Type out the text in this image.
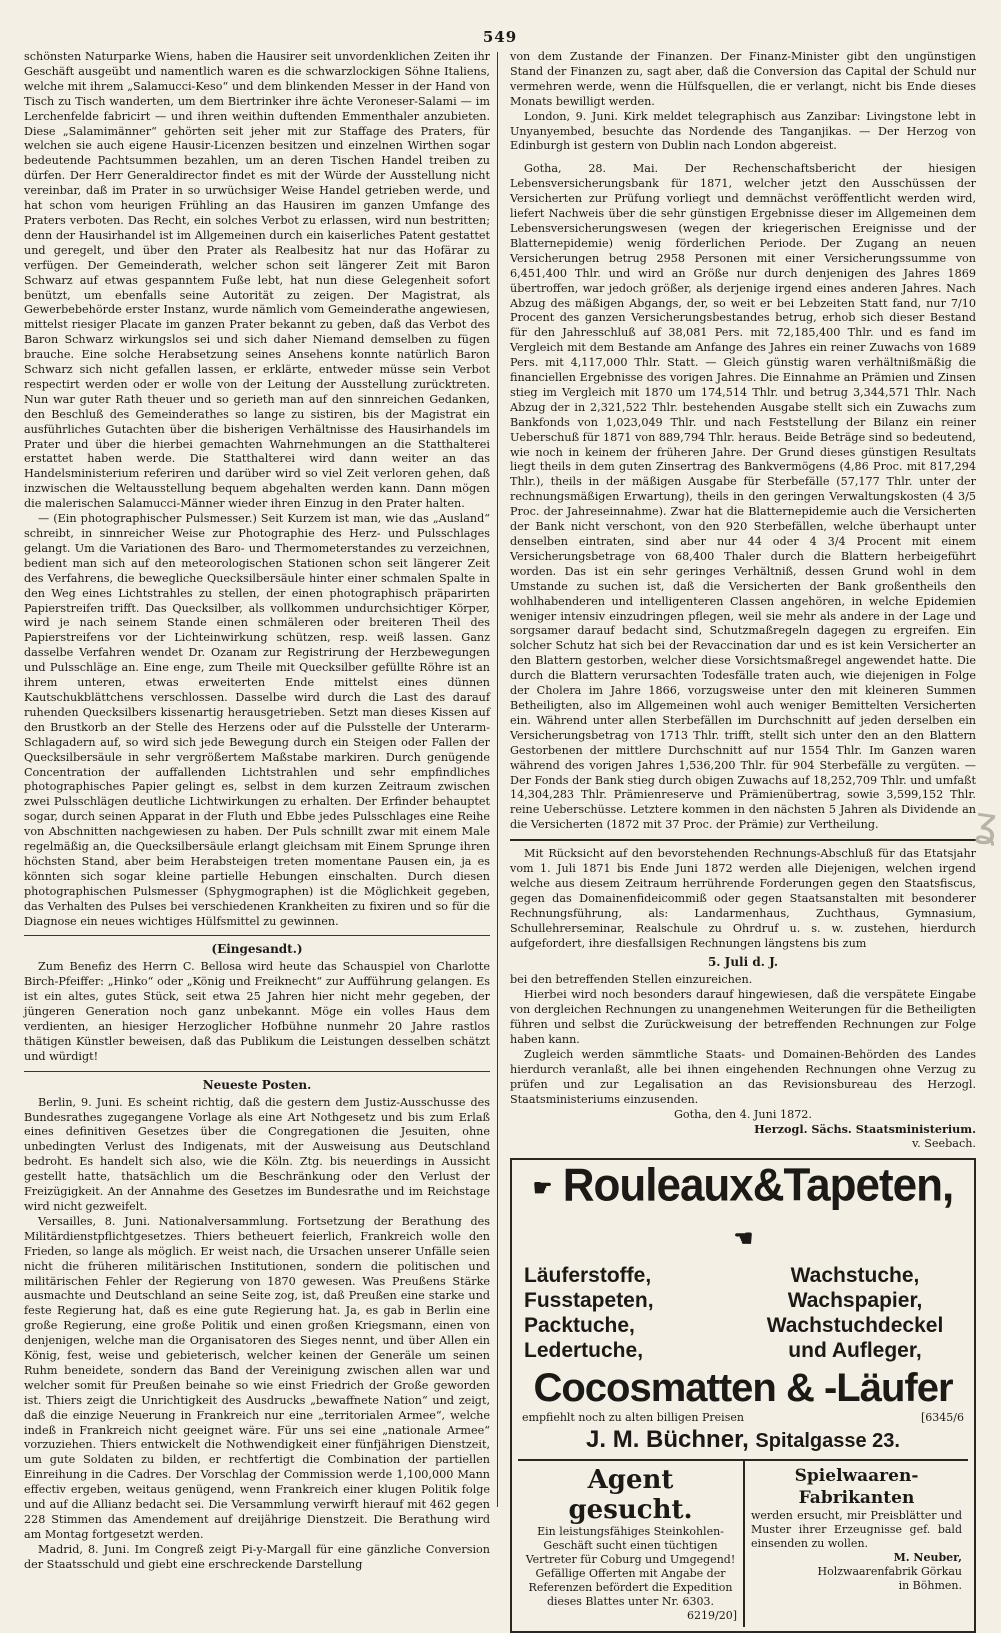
549

schönsten Naturparke Wiens, haben die Hausirer seit unvordenklichen Zeiten ihr Geschäft ausgeübt und namentlich waren es die schwarzlockigen Söhne Italiens, welche mit ihrem „Salamucci-Keso“ und dem blinkenden Messer in der Hand von Tisch zu Tisch wanderten, um dem Biertrinker ihre ächte Veroneser-Salami — im Lerchenfelde fabricirt — und ihren weithin duftenden Emmenthaler anzubieten. Diese „Salamimänner“ gehörten seit jeher mit zur Staffage des Praters, für welchen sie auch eigene Hausir-Licenzen besitzen und einzelnen Wirthen sogar bedeutende Pachtsummen bezahlen, um an deren Tischen Handel treiben zu dürfen. Der Herr Generaldirector findet es mit der Würde der Ausstellung nicht vereinbar, daß im Prater in so urwüchsiger Weise Handel getrieben werde, und hat schon vom heurigen Frühling an das Hausiren im ganzen Umfange des Praters verboten. Das Recht, ein solches Verbot zu erlassen, wird nun bestritten; denn der Hausirhandel ist im Allgemeinen durch ein kaiserliches Patent gestattet und geregelt, und über den Prater als Realbesitz hat nur das Hofärar zu verfügen. Der Gemeinderath, welcher schon seit längerer Zeit mit Baron Schwarz auf etwas gespanntem Fuße lebt, hat nun diese Gelegenheit sofort benützt, um ebenfalls seine Autorität zu zeigen. Der Magistrat, als Gewerbebehörde erster Instanz, wurde nämlich vom Gemeinderathe angewiesen, mittelst riesiger Placate im ganzen Prater bekannt zu geben, daß das Verbot des Baron Schwarz wirkungslos sei und sich daher Niemand demselben zu fügen brauche. Eine solche Herabsetzung seines Ansehens konnte natürlich Baron Schwarz sich nicht gefallen lassen, er erklärte, entweder müsse sein Verbot respectirt werden oder er wolle von der Leitung der Ausstellung zurücktreten. Nun war guter Rath theuer und so gerieth man auf den sinnreichen Gedanken, den Beschluß des Gemeinderathes so lange zu sistiren, bis der Magistrat ein ausführliches Gutachten über die bisherigen Verhältnisse des Hausirhandels im Prater und über die hierbei gemachten Wahrnehmungen an die Statthalterei erstattet haben werde. Die Statthalterei wird dann weiter an das Handelsministerium referiren und darüber wird so viel Zeit verloren gehen, daß inzwischen die Weltausstellung bequem abgehalten werden kann. Dann mögen die malerischen Salamucci-Männer wieder ihren Einzug in den Prater halten.

— (Ein photographischer Pulsmesser.) Seit Kurzem ist man, wie das „Ausland“ schreibt, in sinnreicher Weise zur Photographie des Herz- und Pulsschlages gelangt. Um die Variationen des Baro- und Thermometerstandes zu verzeichnen, bedient man sich auf den meteorologischen Stationen schon seit längerer Zeit des Verfahrens, die bewegliche Quecksilbersäule hinter einer schmalen Spalte in den Weg eines Lichtstrahles zu stellen, der einen photographisch präparirten Papierstreifen trifft. Das Quecksilber, als vollkommen undurchsichtiger Körper, wird je nach seinem Stande einen schmäleren oder breiteren Theil des Papierstreifens vor der Lichteinwirkung schützen, resp. weiß lassen. Ganz dasselbe Verfahren wendet Dr. Ozanam zur Registrirung der Herzbewegungen und Pulsschläge an. Eine enge, zum Theile mit Quecksilber gefüllte Röhre ist an ihrem unteren, etwas erweiterten Ende mittelst eines dünnen Kautschukblättchens verschlossen. Dasselbe wird durch die Last des darauf ruhenden Quecksilbers kissenartig herausgetrieben. Setzt man dieses Kissen auf den Brustkorb an der Stelle des Herzens oder auf die Pulsstelle der Unterarm-Schlagadern auf, so wird sich jede Bewegung durch ein Steigen oder Fallen der Quecksilbersäule in sehr vergrößertem Maßstabe markiren. Durch genügende Concentration der auffallenden Lichtstrahlen und sehr empfindliches photographisches Papier gelingt es, selbst in dem kurzen Zeitraum zwischen zwei Pulsschlägen deutliche Lichtwirkungen zu erhalten. Der Erfinder behauptet sogar, durch seinen Apparat in der Fluth und Ebbe jedes Pulsschlages eine Reihe von Abschnitten nachgewiesen zu haben. Der Puls schnillt zwar mit einem Male regelmäßig an, die Quecksilbersäule erlangt gleichsam mit Einem Sprunge ihren höchsten Stand, aber beim Herabsteigen treten momentane Pausen ein, ja es könnten sich sogar kleine partielle Hebungen einschalten. Durch diesen photographischen Pulsmesser (Sphygmographen) ist die Möglichkeit gegeben, das Verhalten des Pulses bei verschiedenen Krankheiten zu fixiren und so für die Diagnose ein neues wichtiges Hülfsmittel zu gewinnen.

(Eingesandt.)

Zum Benefiz des Herrn C. Bellosa wird heute das Schauspiel von Charlotte Birch-Pfeiffer: „Hinko“ oder „König und Freiknecht“ zur Aufführung gelangen. Es ist ein altes, gutes Stück, seit etwa 25 Jahren hier nicht mehr gegeben, der jüngeren Generation noch ganz unbekannt. Möge ein volles Haus dem verdienten, an hiesiger Herzoglicher Hofbühne nunmehr 20 Jahre rastlos thätigen Künstler beweisen, daß das Publikum die Leistungen desselben schätzt und würdigt!

Neueste Posten.

Berlin, 9. Juni. Es scheint richtig, daß die gestern dem Justiz-Ausschusse des Bundesrathes zugegangene Vorlage als eine Art Nothgesetz und bis zum Erlaß eines definitiven Gesetzes über die Congregationen die Jesuiten, ohne unbedingten Verlust des Indigenats, mit der Ausweisung aus Deutschland bedroht. Es handelt sich also, wie die Köln. Ztg. bis neuerdings in Aussicht gestellt hatte, thatsächlich um die Beschränkung oder den Verlust der Freizügigkeit. An der Annahme des Gesetzes im Bundesrathe und im Reichstage wird nicht gezweifelt.

Versailles, 8. Juni. Nationalversammlung. Fortsetzung der Berathung des Militärdienstpflichtgesetzes. Thiers betheuert feierlich, Frankreich wolle den Frieden, so lange als möglich. Er weist nach, die Ursachen unserer Unfälle seien nicht die früheren militärischen Institutionen, sondern die politischen und militärischen Fehler der Regierung von 1870 gewesen. Was Preußens Stärke ausmachte und Deutschland an seine Seite zog, ist, daß Preußen eine starke und feste Regierung hat, daß es eine gute Regierung hat. Ja, es gab in Berlin eine große Regierung, eine große Politik und einen großen Kriegsmann, einen von denjenigen, welche man die Organisatoren des Sieges nennt, und über Allen ein König, fest, weise und gebieterisch, welcher keinen der Generäle um seinen Ruhm beneidete, sondern das Band der Vereinigung zwischen allen war und welcher somit für Preußen beinahe so wie einst Friedrich der Große geworden ist. Thiers zeigt die Unrichtigkeit des Ausdrucks „bewaffnete Nation“ und zeigt, daß die einzige Neuerung in Frankreich nur eine „territorialen Armee“, welche indeß in Frankreich nicht geeignet wäre. Für uns sei eine „nationale Armee“ vorzuziehen. Thiers entwickelt die Nothwendigkeit einer fünfjährigen Dienstzeit, um gute Soldaten zu bilden, er rechtfertigt die Combination der partiellen Einreihung in die Cadres. Der Vorschlag der Commission werde 1,100,000 Mann effectiv ergeben, weitaus genügend, wenn Frankreich einer klugen Politik folge und auf die Allianz bedacht sei. Die Versammlung verwirft hierauf mit 462 gegen 228 Stimmen das Amendement auf dreijährige Dienstzeit. Die Berathung wird am Montag fortgesetzt werden.

Madrid, 8. Juni. Im Congreß zeigt Pi-y-Margall für eine gänzliche Conversion der Staatsschuld und giebt eine erschreckende Darstellung

von dem Zustande der Finanzen. Der Finanz-Minister gibt den ungünstigen Stand der Finanzen zu, sagt aber, daß die Conversion das Capital der Schuld nur vermehren werde, wenn die Hülfsquellen, die er verlangt, nicht bis Ende dieses Monats bewilligt werden.

London, 9. Juni. Kirk meldet telegraphisch aus Zanzibar: Livingstone lebt in Unyanyembed, besuchte das Nordende des Tanganjikas. — Der Herzog von Edinburgh ist gestern von Dublin nach London abgereist.

Gotha, 28. Mai. Der Rechenschaftsbericht der hiesigen Lebensversicherungsbank für 1871, welcher jetzt den Ausschüssen der Versicherten zur Prüfung vorliegt und demnächst veröffentlicht werden wird, liefert Nachweis über die sehr günstigen Ergebnisse dieser im Allgemeinen dem Lebensversicherungswesen (wegen der kriegerischen Ereignisse und der Blatternepidemie) wenig förderlichen Periode. Der Zugang an neuen Versicherungen betrug 2958 Personen mit einer Versicherungssumme von 6,451,400 Thlr. und wird an Größe nur durch denjenigen des Jahres 1869 übertroffen, war jedoch größer, als derjenige irgend eines anderen Jahres. Nach Abzug des mäßigen Abgangs, der, so weit er bei Lebzeiten Statt fand, nur 7/10 Procent des ganzen Versicherungsbestandes betrug, erhob sich dieser Bestand für den Jahresschluß auf 38,081 Pers. mit 72,185,400 Thlr. und es fand im Vergleich mit dem Bestande am Anfange des Jahres ein reiner Zuwachs von 1689 Pers. mit 4,117,000 Thlr. Statt. — Gleich günstig waren verhältnißmäßig die financiellen Ergebnisse des vorigen Jahres. Die Einnahme an Prämien und Zinsen stieg im Vergleich mit 1870 um 174,514 Thlr. und betrug 3,344,571 Thlr. Nach Abzug der in 2,321,522 Thlr. bestehenden Ausgabe stellt sich ein Zuwachs zum Bankfonds von 1,023,049 Thlr. und nach Feststellung der Bilanz ein reiner Ueberschuß für 1871 von 889,794 Thlr. heraus. Beide Beträge sind so bedeutend, wie noch in keinem der früheren Jahre. Der Grund dieses günstigen Resultats liegt theils in dem guten Zinsertrag des Bankvermögens (4,86 Proc. mit 817,294 Thlr.), theils in der mäßigen Ausgabe für Sterbefälle (57,177 Thlr. unter der rechnungsmäßigen Erwartung), theils in den geringen Verwaltungskosten (4 3/5 Proc. der Jahreseinnahme). Zwar hat die Blatternepidemie auch die Versicherten der Bank nicht verschont, von den 920 Sterbefällen, welche überhaupt unter denselben eintraten, sind aber nur 44 oder 4 3/4 Procent mit einem Versicherungsbetrage von 68,400 Thaler durch die Blattern herbeigeführt worden. Das ist ein sehr geringes Verhältniß, dessen Grund wohl in dem Umstande zu suchen ist, daß die Versicherten der Bank großentheils den wohlhabenderen und intelligenteren Classen angehören, in welche Epidemien weniger intensiv einzudringen pflegen, weil sie mehr als andere in der Lage und sorgsamer darauf bedacht sind, Schutzmaßregeln dagegen zu ergreifen. Ein solcher Schutz hat sich bei der Revaccination dar und es ist kein Versicherter an den Blattern gestorben, welcher diese Vorsichtsmaßregel angewendet hatte. Die durch die Blattern verursachten Todesfälle traten auch, wie diejenigen in Folge der Cholera im Jahre 1866, vorzugsweise unter den mit kleineren Summen Betheiligten, also im Allgemeinen wohl auch weniger Bemittelten Versicherten ein. Während unter allen Sterbefällen im Durchschnitt auf jeden derselben ein Versicherungsbetrag von 1713 Thlr. trifft, stellt sich unter den an den Blattern Gestorbenen der mittlere Durchschnitt auf nur 1554 Thlr. Im Ganzen waren während des vorigen Jahres 1,536,200 Thlr. für 904 Sterbefälle zu vergüten. — Der Fonds der Bank stieg durch obigen Zuwachs auf 18,252,709 Thlr. und umfaßt 14,304,283 Thlr. Prämienreserve und Prämienübertrag, sowie 3,599,152 Thlr. reine Ueberschüsse. Letztere kommen in den nächsten 5 Jahren als Dividende an die Versicherten (1872 mit 37 Proc. der Prämie) zur Vertheilung.

Mit Rücksicht auf den bevorstehenden Rechnungs-Abschluß für das Etatsjahr vom 1. Juli 1871 bis Ende Juni 1872 werden alle Diejenigen, welchen irgend welche aus diesem Zeitraum herrührende Forderungen gegen den Staatsfiscus, gegen das Domainenfideicommiß oder gegen Staatsanstalten mit besonderer Rechnungsführung, als: Landarmenhaus, Zuchthaus, Gymnasium, Schullehrerseminar, Realschule zu Ohrdruf u. s. w. zustehen, hierdurch aufgefordert, ihre diesfallsigen Rechnungen längstens bis zum

5. Juli d. J.

bei den betreffenden Stellen einzureichen.

Hierbei wird noch besonders darauf hingewiesen, daß die verspätete Eingabe von dergleichen Rechnungen zu unangenehmen Weiterungen für die Betheiligten führen und selbst die Zurückweisung der betreffenden Rechnungen zur Folge haben kann.

Zugleich werden sämmtliche Staats- und Domainen-Behörden des Landes hierdurch veranlaßt, alle bei ihnen eingehenden Rechnungen ohne Verzug zu prüfen und zur Legalisation an das Revisionsbureau des Herzogl. Staatsministeriums einzusenden.

Gotha, den 4. Juni 1872.

Herzogl. Sächs. Staatsministerium.

v. Seebach.

☛ Rouleaux&Tapeten, ☚
Läuferstoffe,	Wachstuche,
Fusstapeten,	Wachspapier,
Packtuche,	Wachstuchdeckel
Ledertuche,	und Aufleger,
Cocosmatten & -Läufer
empfiehlt noch zu alten billigen Preisen	[6345/6
J. M. Büchner, Spitalgasse 23.
Agent gesucht.

Ein leistungsfähiges Steinkohlen-Geschäft sucht einen tüchtigen Vertreter für Coburg und Umgegend! Gefällige Offerten mit Angabe der Referenzen befördert die Expedition dieses Blattes unter Nr. 6303.

6219/20]

Spielwaaren-Fabrikanten

werden ersucht, mir Preisblätter und Muster ihrer Erzeugnisse gef. bald einsenden zu wollen.

M. Neuber,

Holzwaarenfabrik Görkau

in Böhmen.

ʓ
